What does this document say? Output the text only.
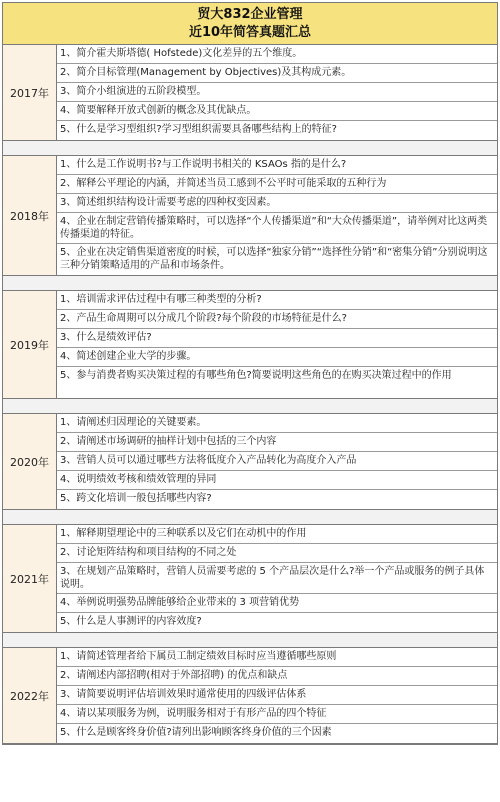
贸大832企业管理
近10年简答真题汇总
2017年
1、简介霍夫斯塔德( Hofstede)文化差异的五个维度。
2、简介目标管理(Management by Objectives)及其构成元素。
3、简介小组演进的五阶段模型。
4、简要解释开放式创新的概念及其优缺点。
5、什么是学习型组织?学习型组织需要具备哪些结构上的特征?
2018年
1、什么是工作说明书?与工作说明书相关的 KSAOs 指的是什么?
2、解释公平理论的内涵，并简述当员工感到不公平时可能采取的五种行为
3、简述组织结构设计需要考虑的四种权变因素。
4、企业在制定营销传播策略时，可以选择“个人传播渠道”和“大众传播渠道”，请举例对比这两类传播渠道的特征。
5、企业在决定销售渠道密度的时候，可以选择“独家分销”“选择性分销”和“密集分销”分别说明这三种分销策略适用的产品和市场条件。
2019年
1、培训需求评估过程中有哪三种类型的分析?
2、产品生命周期可以分成几个阶段?每个阶段的市场特征是什么?
3、什么是绩效评估?
4、简述创建企业大学的步骤。
5、参与消费者购买决策过程的有哪些角色?简要说明这些角色的在购买决策过程中的作用
2020年
1、请阐述归因理论的关键要素。
2、请阐述市场调研的抽样计划中包括的三个内容
3、营销人员可以通过哪些方法将低度介入产品转化为高度介入产品
4、说明绩效考核和绩效管理的异同
5、跨文化培训一般包括哪些内容?
2021年
1、解释期望理论中的三种联系以及它们在动机中的作用
2、讨论矩阵结构和项目结构的不同之处
3、在规划产品策略时，营销人员需要考虑的 5 个产品层次是什么?举一个产品或服务的例子具体说明。
4、举例说明强势品牌能够给企业带来的 3 项营销优势
5、什么是人事测评的内容效度?
2022年
1、请简述管理者给下属员工制定绩效目标时应当遵循哪些原则
2、请阐述内部招聘(相对于外部招聘) 的优点和缺点
3、请简要说明评估培训效果时通常使用的四级评估体系
4、请以某项服务为例，说明服务相对于有形产品的四个特征
5、什么是顾客终身价值?请列出影响顾客终身价值的三个因素
